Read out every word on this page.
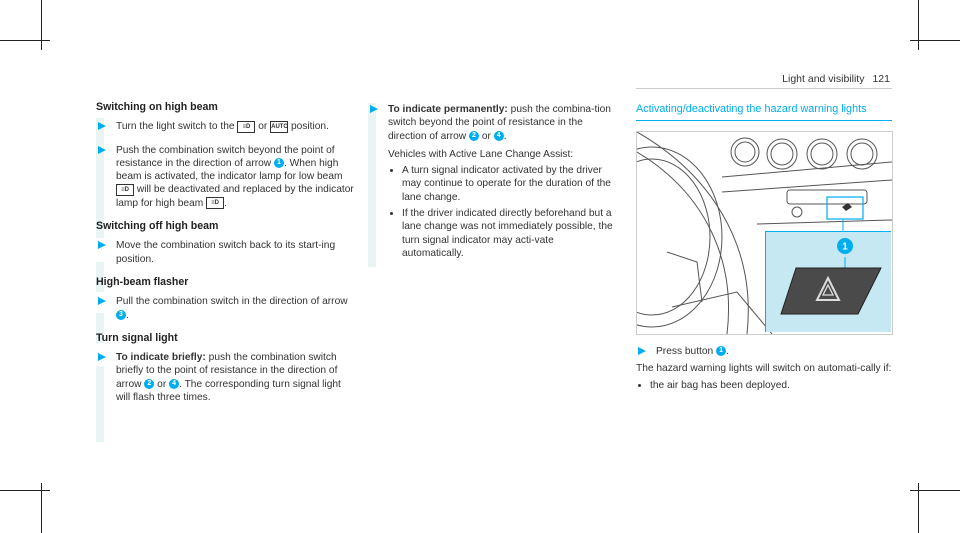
Light and visibility 121
Switching on high beam
Turn the light switch to the ≡D or AUTO position.
Push the combination switch beyond the point of resistance in the direction of arrow 1 . When high beam is activated, the indicator lamp for low beam ≡D will be deactivated and replaced by the indicator lamp for high beam ≡D .
Switching off high beam
Move the combination switch back to its start-ing position.
High-beam flasher
Pull the combination switch in the direction of arrow 3 .
Turn signal light
To indicate briefly: push the combination switch briefly to the point of resistance in the direction of arrow 2 or 4 . The corresponding turn signal light will flash three times.
To indicate permanently: push the combina-tion switch beyond the point of resistance in the direction of arrow 2 or 4 .

Vehicles with Active Lane Change Assist:

• A turn signal indicator activated by the driver may continue to operate for the duration of the lane change.
• If the driver indicated directly beforehand but a lane change was not immediately possible, the turn signal indicator may acti-vate automatically.
Activating/deactivating the hazard warning lights
1
Press button 1 .

The hazard warning lights will switch on automati-cally if:

• the air bag has been deployed.
